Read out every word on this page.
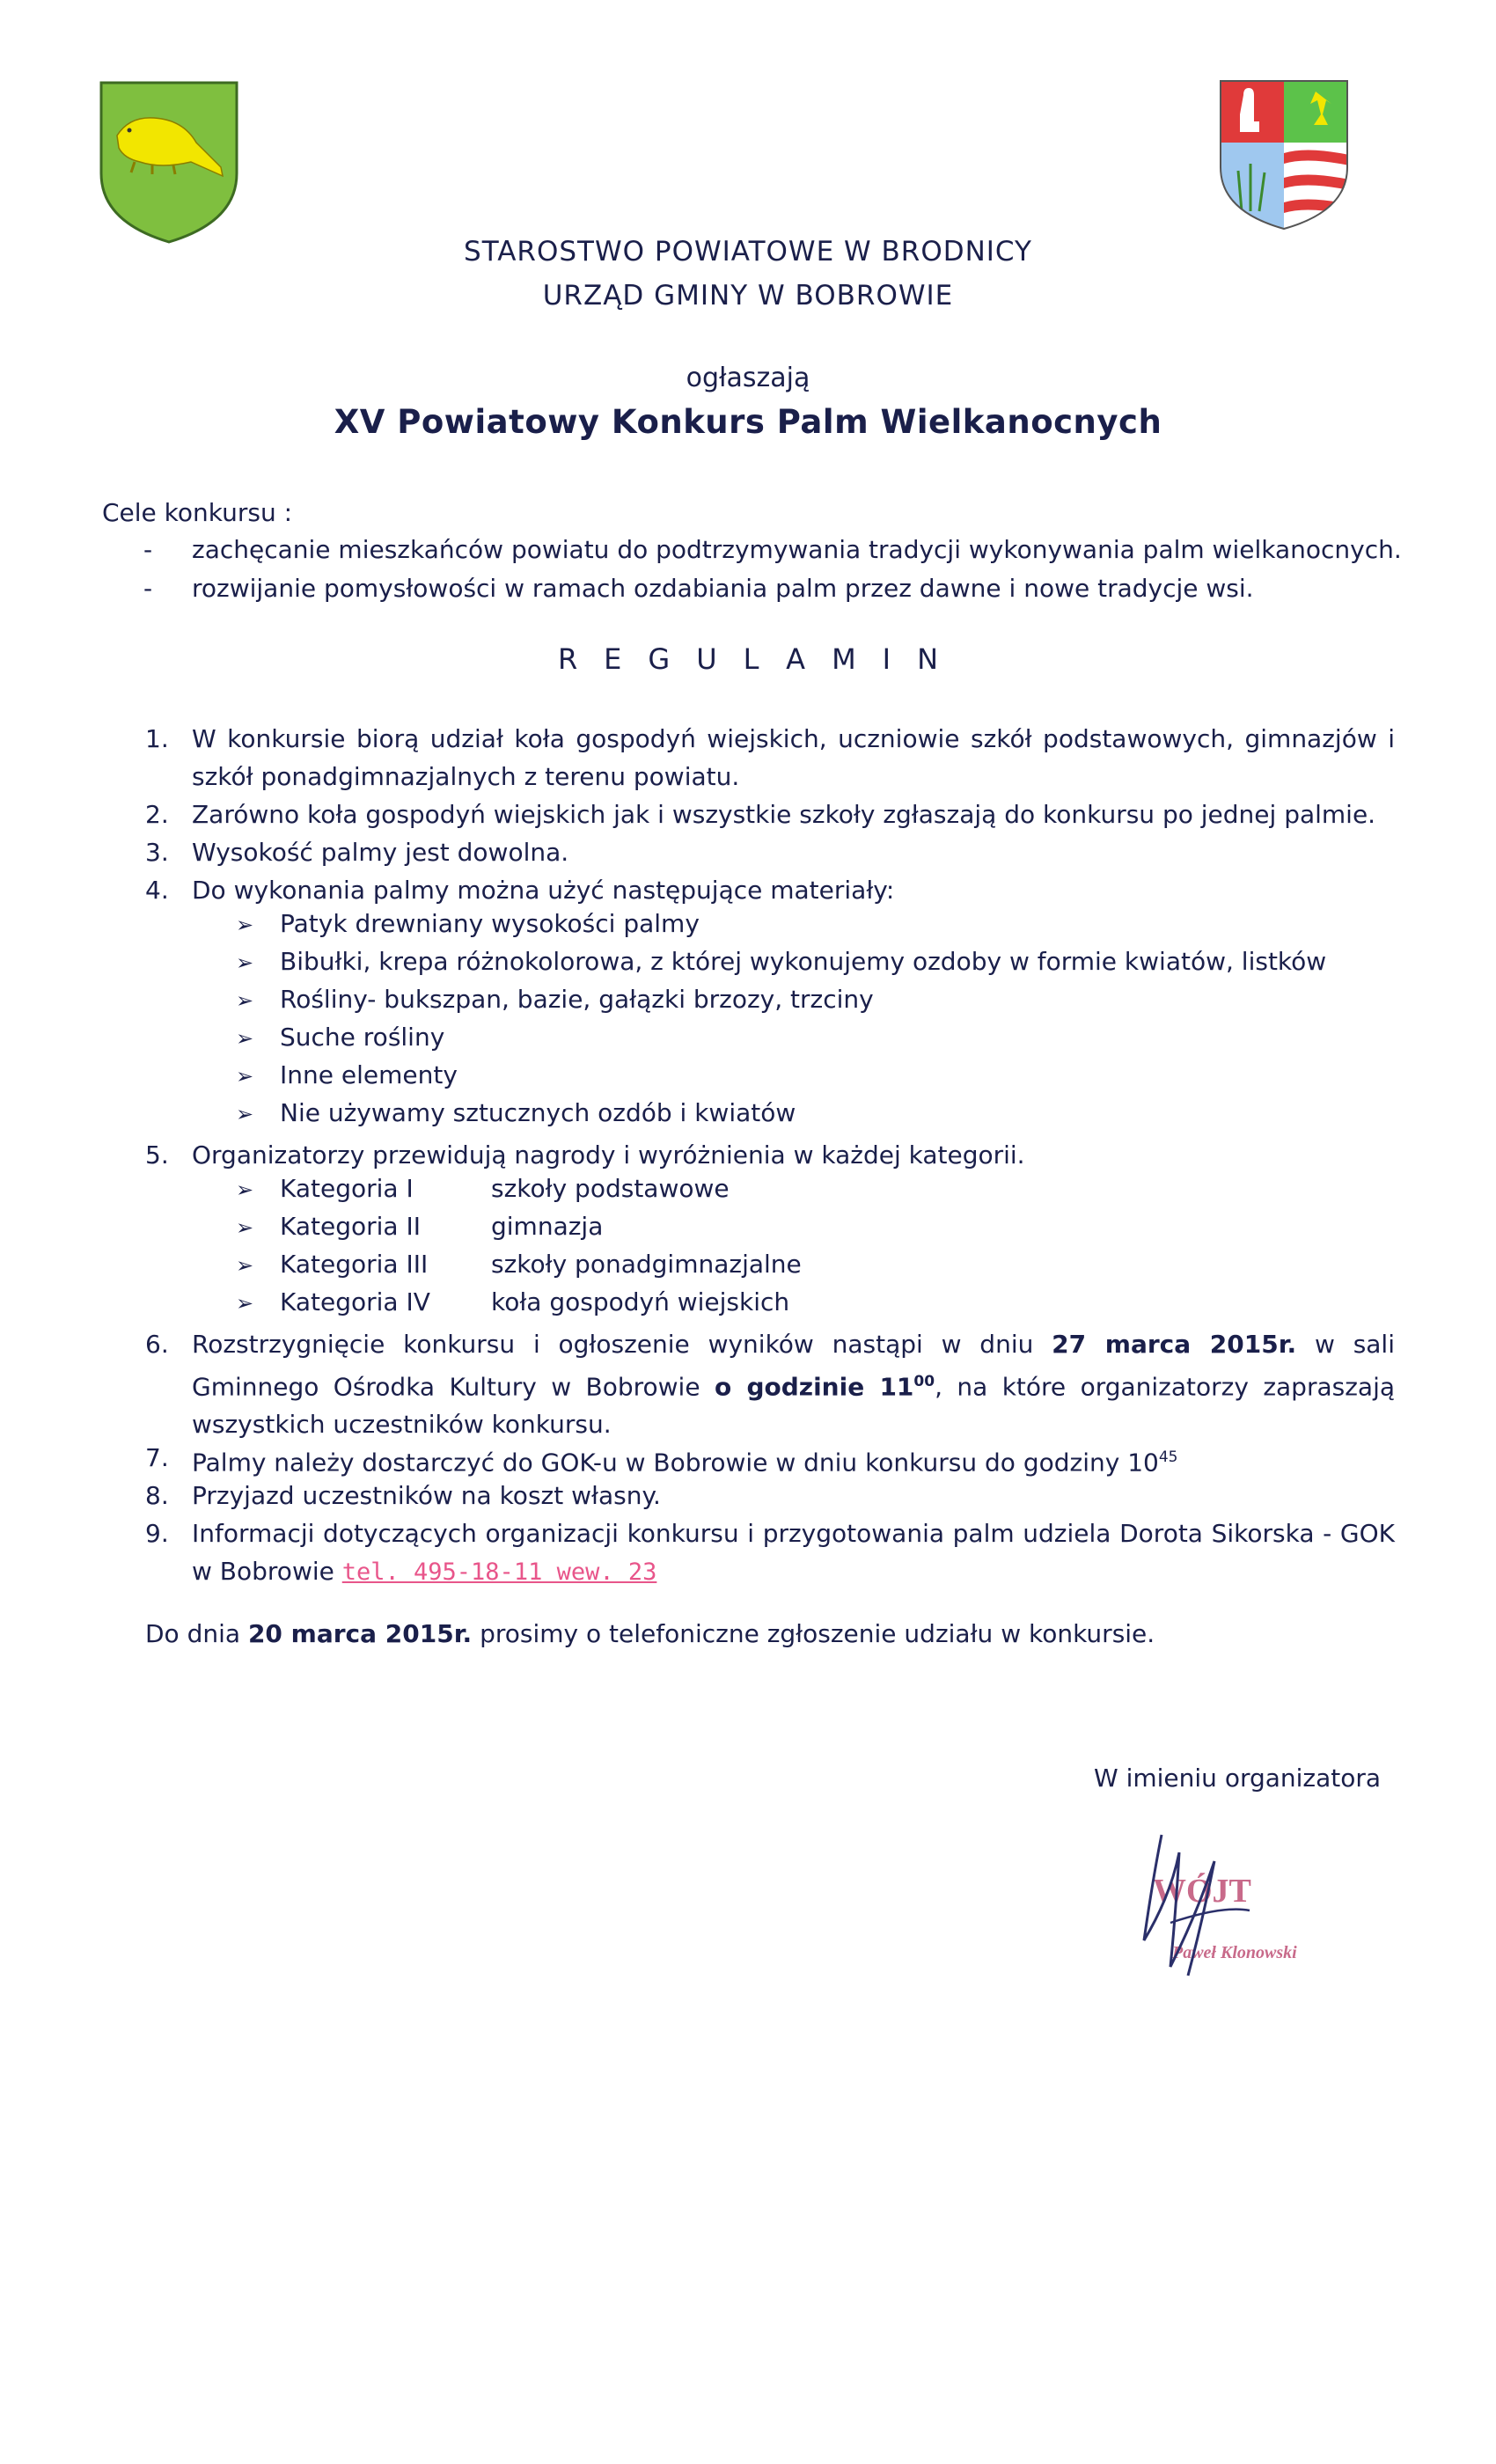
STAROSTWO POWIATOWE W BRODNICY
URZĄD GMINY W BOBROWIE
ogłaszają
XV Powiatowy Konkurs Palm Wielkanocnych
Cele konkursu :
- zachęcanie mieszkańców powiatu do podtrzymywania tradycji wykonywania palm wielkanocnych.
- rozwijanie pomysłowości w ramach ozdabiania palm przez dawne i nowe tradycje wsi.
REGULAMIN
1. W konkursie biorą udział koła gospodyń wiejskich, uczniowie szkół podstawowych, gimnazjów i szkół ponadgimnazjalnych z terenu powiatu.
2. Zarówno koła gospodyń wiejskich jak i wszystkie szkoły zgłaszają do konkursu po jednej palmie.
3. Wysokość palmy jest dowolna.
4. Do wykonania palmy można użyć następujące materiały:
➢ Patyk drewniany wysokości palmy
➢ Bibułki, krepa różnokolorowa, z której wykonujemy ozdoby w formie kwiatów, listków
➢ Rośliny- bukszpan, bazie, gałązki brzozy, trzciny
➢ Suche rośliny
➢ Inne elementy
➢ Nie używamy sztucznych ozdób i kwiatów
5. Organizatorzy przewidują nagrody i wyróżnienia w każdej kategorii.
➢ Kategoria I	szkoły podstawowe
➢ Kategoria II	gimnazja
➢ Kategoria III	szkoły ponadgimnazjalne
➢ Kategoria IV koła gospodyń wiejskich
6. Rozstrzygnięcie konkursu i ogłoszenie wyników nastąpi w dniu 27 marca 2015r. w sali Gminnego Ośrodka Kultury w Bobrowie o godzinie $11^{00}$, na które organizatorzy zapraszają wszystkich uczestników konkursu.
7. Palmy należy dostarczyć do GOK-u w Bobrowie w dniu konkursu do godziny $10^{45}$
8. Przyjazd uczestników na koszt własny.
9. Informacji dotyczących organizacji konkursu i przygotowania palm udziela Dorota Sikorska - GOK w Bobrowie tel. 495-18-11 wew. 23
Do dnia 20 marca 2015r. prosimy o telefoniczne zgłoszenie udziału w konkursie.
W imieniu organizatora
WÓJT
Paweł Klonowski
